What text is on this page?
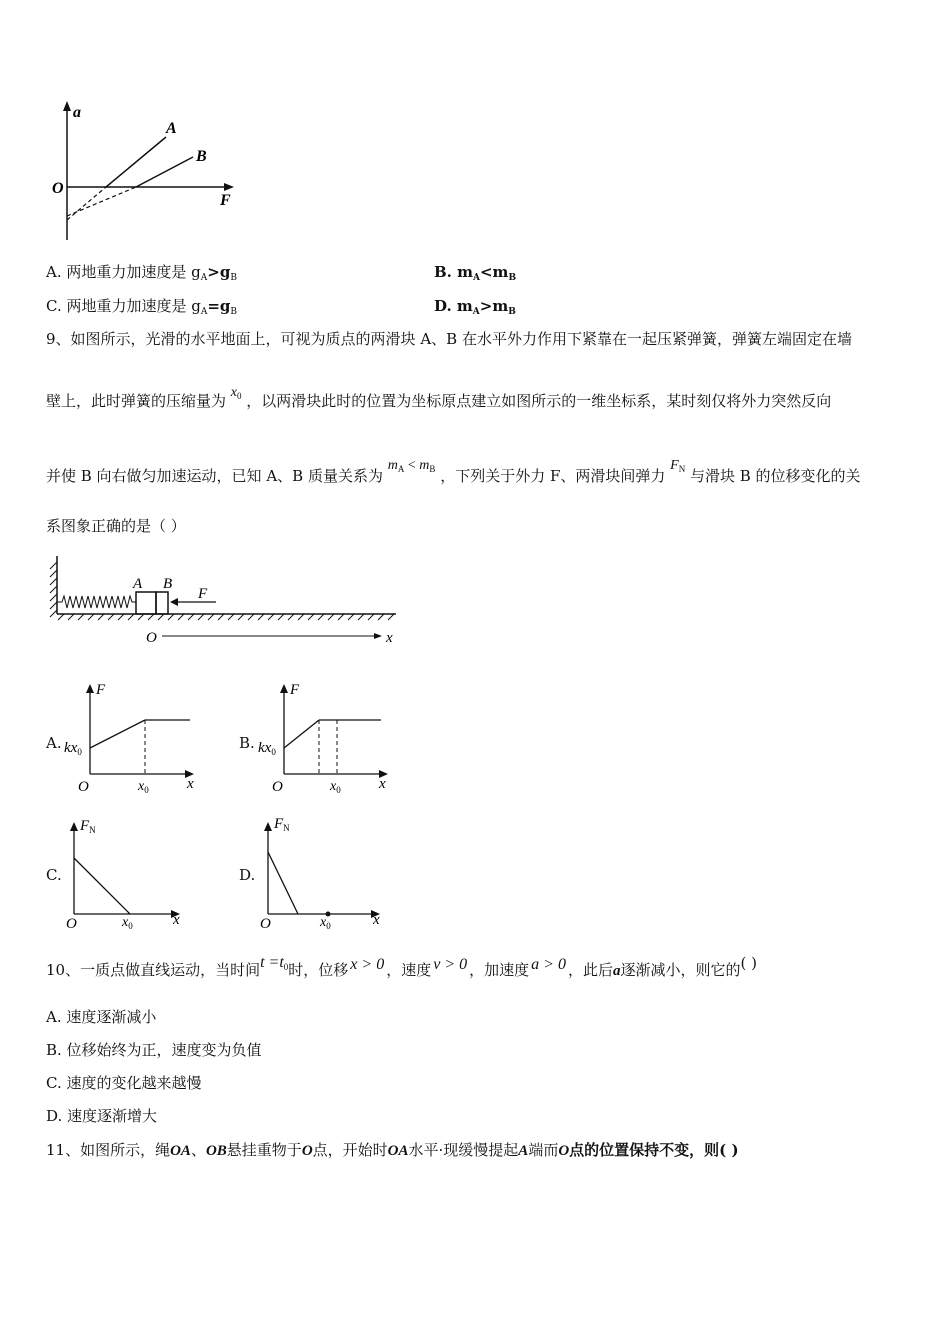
a
O
F
A
B
A. 两地重力加速度是 $g_A>g_B$	B. $m_A<m_B$
C. 两地重力加速度是 $g_A=g_B$	D. $m_A>m_B$
9、如图所示，光滑的水平地面上，可视为质点的两滑块 A、B 在水平外力作用下紧靠在一起压紧弹簧，弹簧左端固定在墙
壁上，此时弹簧的压缩量为 $x_0$ ，以两滑块此时的位置为坐标原点建立如图所示的一维坐标系，某时刻仅将外力突然反向
并使 B 向右做匀加速运动，已知 A、B 质量关系为 $m_A < m_B$ ，下列关于外力 F、两滑块间弹力 $F_N$ 与滑块 B 的位移变化的关
系图象正确的是（ ）
A B
F
O	x
A.
F
$kx_0$
O	$x_0$	x
B.
F
$kx_0$
O	$x_0$	x
C.
$F_N$
O	$x_0$	x
D.
$F_N$
O	$x_0$	x
10、一质点做直线运动，当时间$t =t_0$时，位移 x > 0 ，速度 v > 0 ，加速度 a > 0 ，此后a逐渐减小，则它的( )
A. 速度逐渐减小
B. 位移始终为正，速度变为负值
C. 速度的变化越来越慢
D. 速度逐渐增大
11、如图所示，绳OA、OB悬挂重物于O点，开始时OA水平·现缓慢提起A端而O点的位置保持不变，则( )
